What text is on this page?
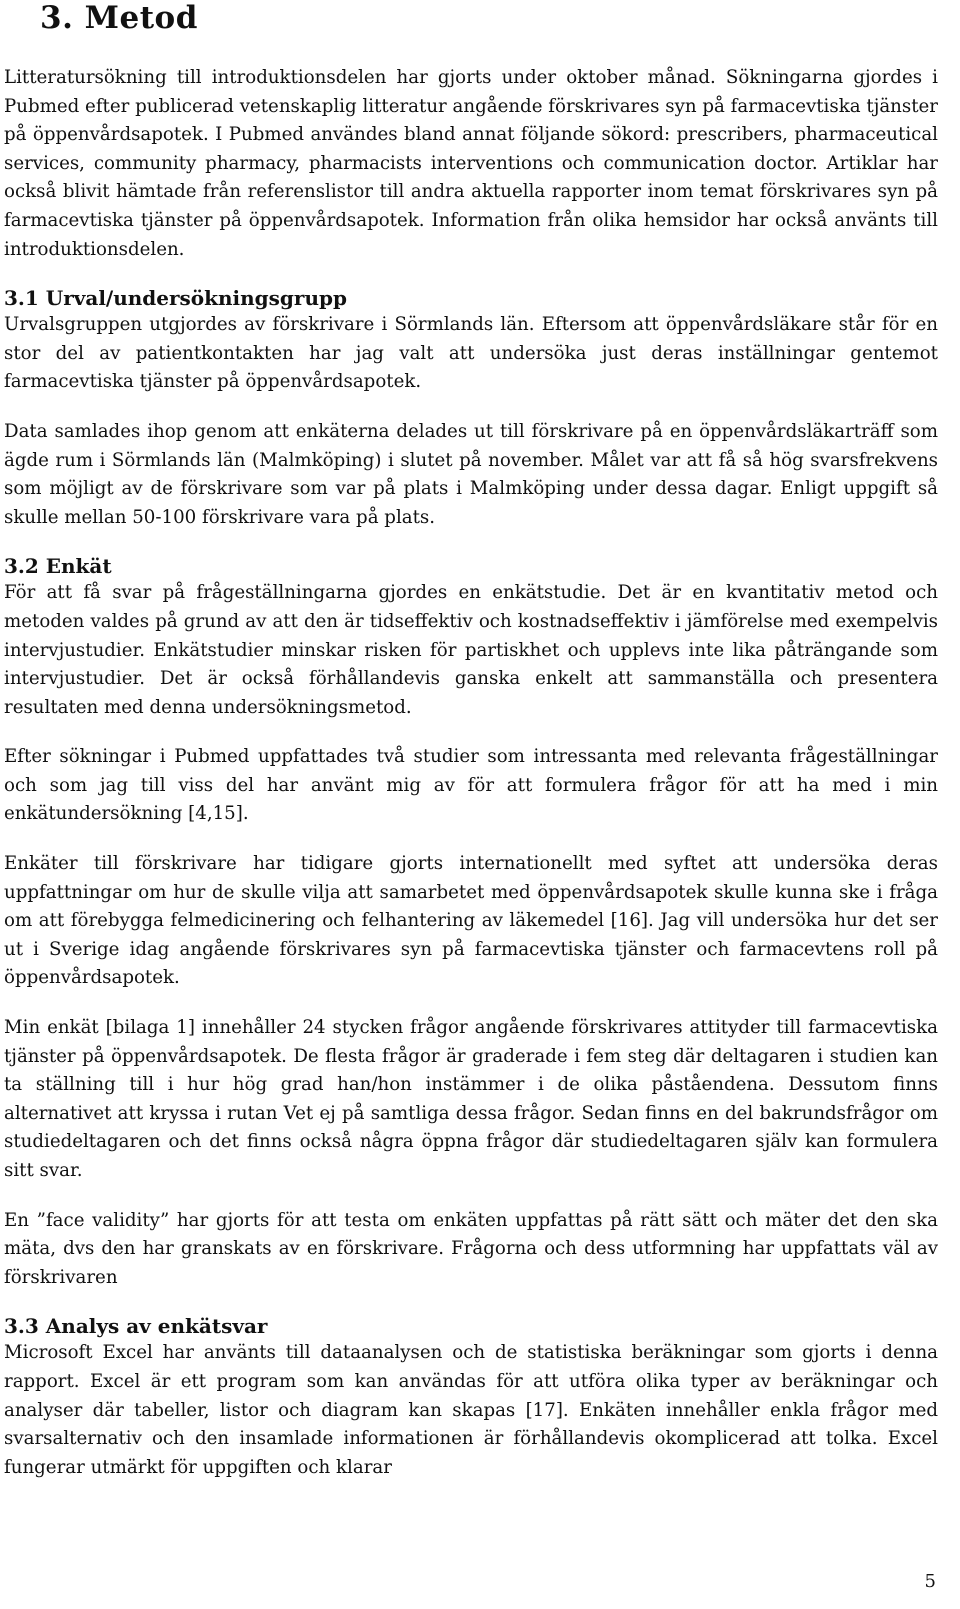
3. Metod

Litteratursökning till introduktionsdelen har gjorts under oktober månad. Sökningarna gjordes i Pubmed efter publicerad vetenskaplig litteratur angående förskrivares syn på farmacevtiska tjänster på öppenvårdsapotek. I Pubmed användes bland annat följande sökord: prescribers, pharmaceutical services, community pharmacy, pharmacists interventions och communication doctor. Artiklar har också blivit hämtade från referenslistor till andra aktuella rapporter inom temat förskrivares syn på farmacevtiska tjänster på öppenvårdsapotek. Information från olika hemsidor har också använts till introduktionsdelen.

3.1 Urval/undersökningsgrupp

Urvalsgruppen utgjordes av förskrivare i Sörmlands län. Eftersom att öppenvårdsläkare står för en stor del av patientkontakten har jag valt att undersöka just deras inställningar gentemot farmacevtiska tjänster på öppenvårdsapotek.

Data samlades ihop genom att enkäterna delades ut till förskrivare på en öppenvårdsläkarträff som ägde rum i Sörmlands län (Malmköping) i slutet på november. Målet var att få så hög svarsfrekvens som möjligt av de förskrivare som var på plats i Malmköping under dessa dagar. Enligt uppgift så skulle mellan 50-100 förskrivare vara på plats.

3.2 Enkät

För att få svar på frågeställningarna gjordes en enkätstudie. Det är en kvantitativ metod och metoden valdes på grund av att den är tidseffektiv och kostnadseffektiv i jämförelse med exempelvis intervjustudier. Enkätstudier minskar risken för partiskhet och upplevs inte lika påträngande som intervjustudier. Det är också förhållandevis ganska enkelt att sammanställa och presentera resultaten med denna undersökningsmetod.

Efter sökningar i Pubmed uppfattades två studier som intressanta med relevanta frågeställningar och som jag till viss del har använt mig av för att formulera frågor för att ha med i min enkätundersökning [4,15].

Enkäter till förskrivare har tidigare gjorts internationellt med syftet att undersöka deras uppfattningar om hur de skulle vilja att samarbetet med öppenvårdsapotek skulle kunna ske i fråga om att förebygga felmedicinering och felhantering av läkemedel [16]. Jag vill undersöka hur det ser ut i Sverige idag angående förskrivares syn på farmacevtiska tjänster och farmacevtens roll på öppenvårdsapotek.

Min enkät [bilaga 1] innehåller 24 stycken frågor angående förskrivares attityder till farmacevtiska tjänster på öppenvårdsapotek. De flesta frågor är graderade i fem steg där deltagaren i studien kan ta ställning till i hur hög grad han/hon instämmer i de olika påståendena. Dessutom finns alternativet att kryssa i rutan Vet ej på samtliga dessa frågor. Sedan finns en del bakrundsfrågor om studiedeltagaren och det finns också några öppna frågor där studiedeltagaren själv kan formulera sitt svar.

En ”face validity” har gjorts för att testa om enkäten uppfattas på rätt sätt och mäter det den ska mäta, dvs den har granskats av en förskrivare. Frågorna och dess utformning har uppfattats väl av förskrivaren

3.3 Analys av enkätsvar

Microsoft Excel har använts till dataanalysen och de statistiska beräkningar som gjorts i denna rapport. Excel är ett program som kan användas för att utföra olika typer av beräkningar och analyser där tabeller, listor och diagram kan skapas [17]. Enkäten innehåller enkla frågor med svarsalternativ och den insamlade informationen är förhållandevis okomplicerad att tolka. Excel fungerar utmärkt för uppgiften och klarar

5
